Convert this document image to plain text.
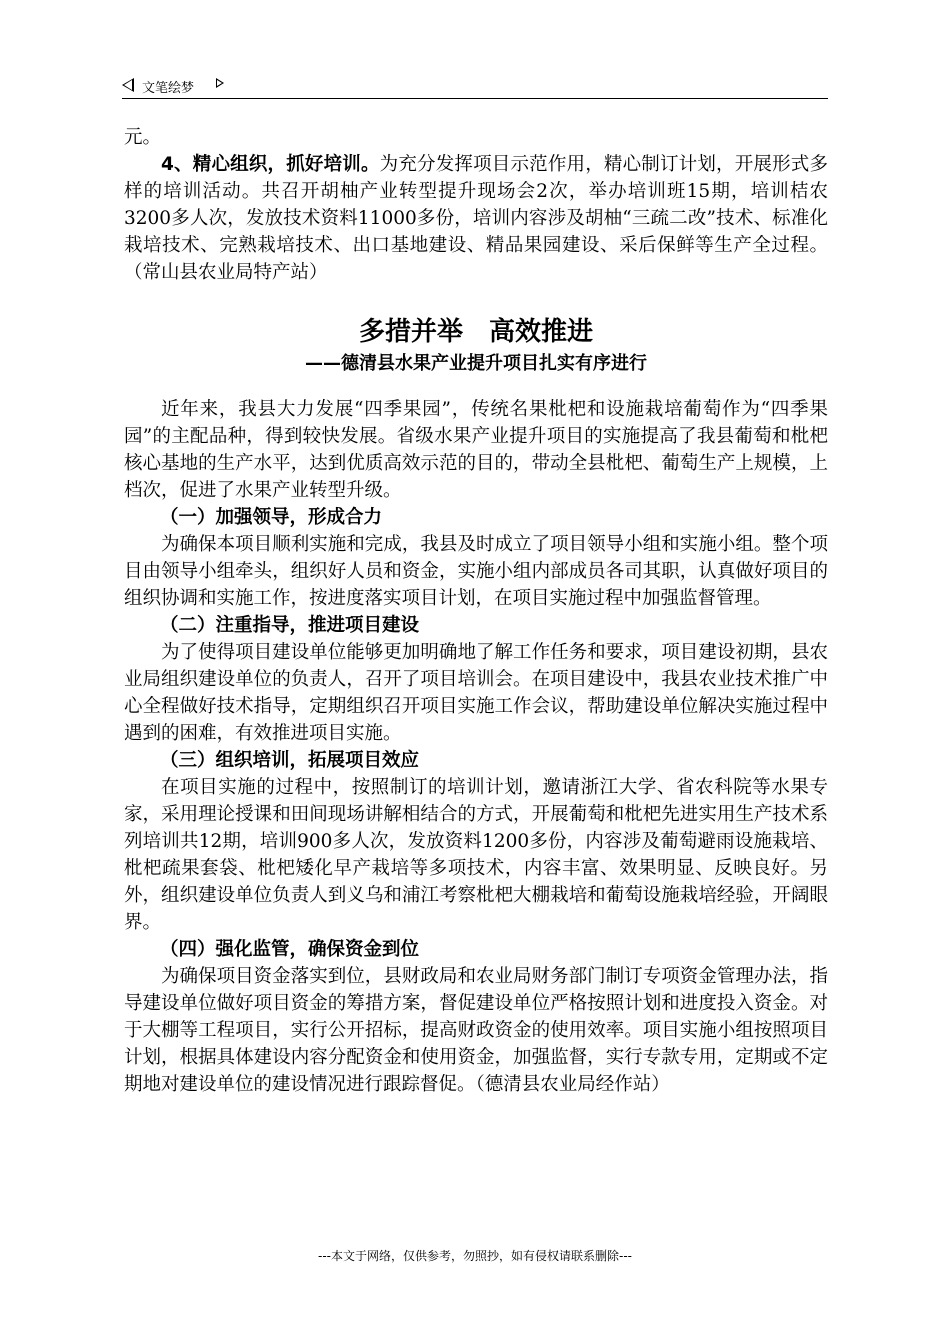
文笔绘梦

元。

4、精心组织，抓好培训。为充分发挥项目示范作用，精心制订计划，开展形式多样的培训活动。共召开胡柚产业转型提升现场会2次，举办培训班15期，培训桔农3200多人次，发放技术资料11000多份，培训内容涉及胡柚“三疏二改”技术、标准化栽培技术、完熟栽培技术、出口基地建设、精品果园建设、采后保鲜等生产全过程。（常山县农业局特产站）

多措并举　高效推进

——德清县水果产业提升项目扎实有序进行

近年来，我县大力发展“四季果园”，传统名果枇杷和设施栽培葡萄作为“四季果园”的主配品种，得到较快发展。省级水果产业提升项目的实施提高了我县葡萄和枇杷核心基地的生产水平，达到优质高效示范的目的，带动全县枇杷、葡萄生产上规模，上档次，促进了水果产业转型升级。

（一）加强领导，形成合力

为确保本项目顺利实施和完成，我县及时成立了项目领导小组和实施小组。整个项目由领导小组牵头，组织好人员和资金，实施小组内部成员各司其职，认真做好项目的组织协调和实施工作，按进度落实项目计划，在项目实施过程中加强监督管理。

（二）注重指导，推进项目建设

为了使得项目建设单位能够更加明确地了解工作任务和要求，项目建设初期，县农业局组织建设单位的负责人，召开了项目培训会。在项目建设中，我县农业技术推广中心全程做好技术指导，定期组织召开项目实施工作会议，帮助建设单位解决实施过程中遇到的困难，有效推进项目实施。

（三）组织培训，拓展项目效应

在项目实施的过程中，按照制订的培训计划，邀请浙江大学、省农科院等水果专家，采用理论授课和田间现场讲解相结合的方式，开展葡萄和枇杷先进实用生产技术系列培训共12期，培训900多人次，发放资料1200多份，内容涉及葡萄避雨设施栽培、枇杷疏果套袋、枇杷矮化早产栽培等多项技术，内容丰富、效果明显、反映良好。另外，组织建设单位负责人到义乌和浦江考察枇杷大棚栽培和葡萄设施栽培经验，开阔眼界。

（四）强化监管，确保资金到位

为确保项目资金落实到位，县财政局和农业局财务部门制订专项资金管理办法，指导建设单位做好项目资金的筹措方案，督促建设单位严格按照计划和进度投入资金。对于大棚等工程项目，实行公开招标，提高财政资金的使用效率。项目实施小组按照项目计划，根据具体建设内容分配资金和使用资金，加强监督，实行专款专用，定期或不定期地对建设单位的建设情况进行跟踪督促。（德清县农业局经作站）

---本文于网络，仅供参考，勿照抄，如有侵权请联系删除---
